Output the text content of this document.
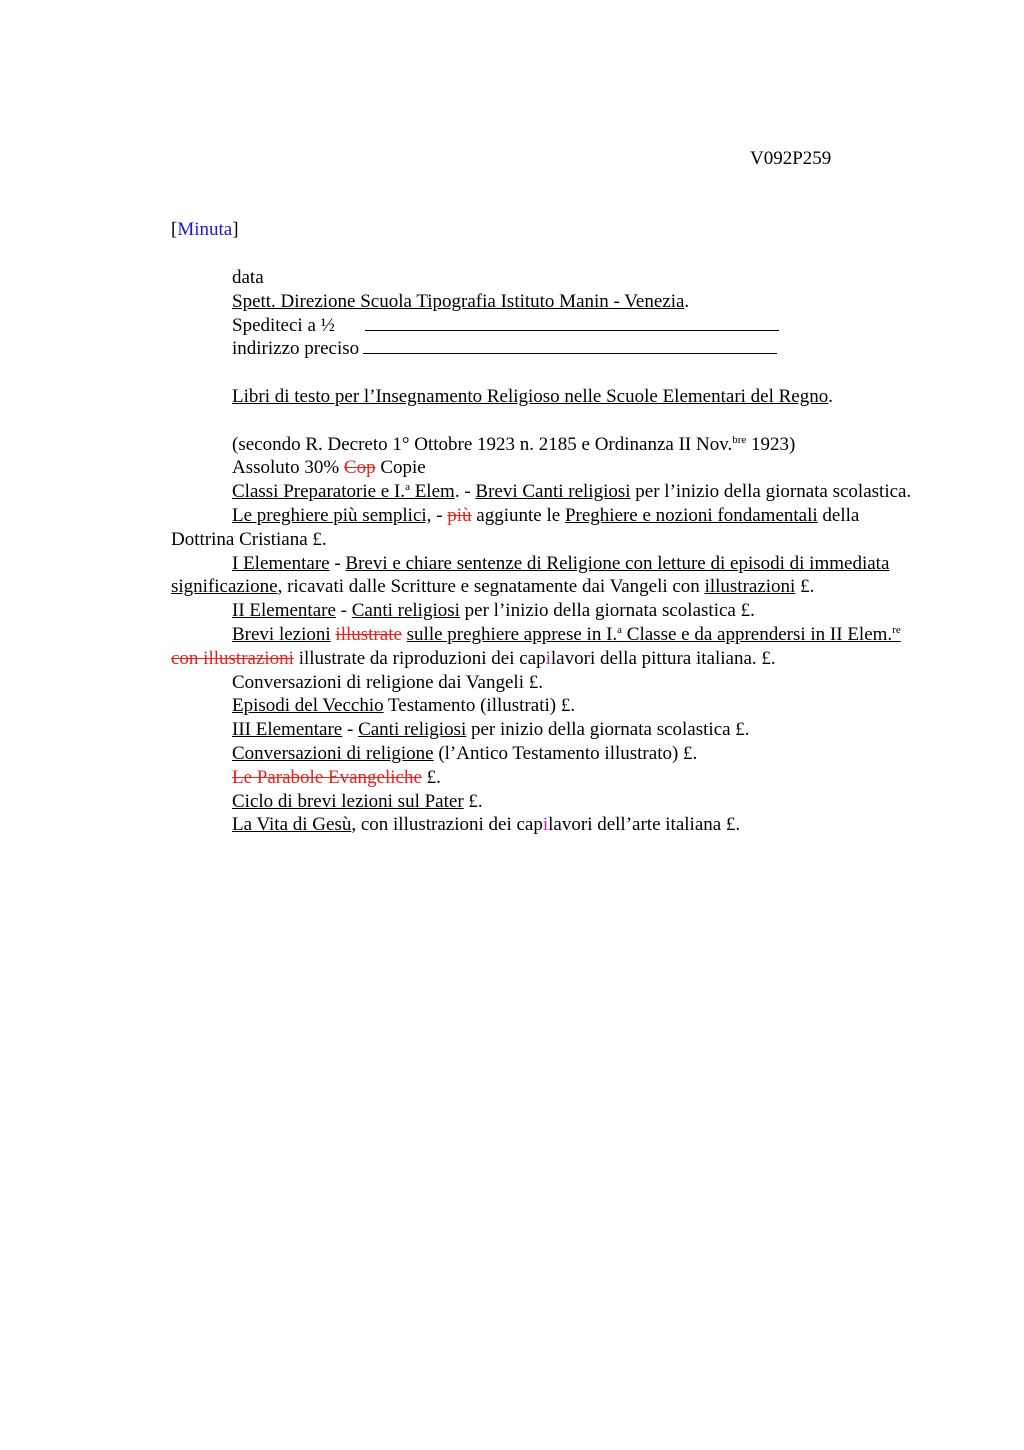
V092P259
[Minuta]
data
Spett. Direzione Scuola Tipografia Istituto Manin - Venezia.
Spediteci a ½
indirizzo preciso
Libri di testo per l’Insegnamento Religioso nelle Scuole Elementari del Regno.
(secondo R. Decreto 1° Ottobre 1923 n. 2185 e Ordinanza II Nov.$^{bre}$ 1923)
Assoluto 30% Cop Copie
Classi Preparatorie e I.$^a$ Elem. - Brevi Canti religiosi per l’inizio della giornata scolastica.
Le preghiere più semplici, - più aggiunte le Preghiere e nozioni fondamentali della Dottrina Cristiana £.
I Elementare - Brevi e chiare sentenze di Religione con letture di episodi di immediata significazione, ricavati dalle Scritture e segnatamente dai Vangeli con illustrazioni £.
II Elementare - Canti religiosi per l’inizio della giornata scolastica £.
Brevi lezioni illustrate sulle preghiere apprese in I.$^a$ Classe e da apprendersi in II Elem.$^{re}$ con illustrazioni illustrate da riproduzioni dei capilavori della pittura italiana. £.
Conversazioni di religione dai Vangeli £.
Episodi del Vecchio Testamento (illustrati) £.
III Elementare - Canti religiosi per inizio della giornata scolastica £.
Conversazioni di religione (l’Antico Testamento illustrato) £.
Le Parabole Evangeliche £.
Ciclo di brevi lezioni sul Pater £.
La Vita di Gesù, con illustrazioni dei capilavori dell’arte italiana £.
